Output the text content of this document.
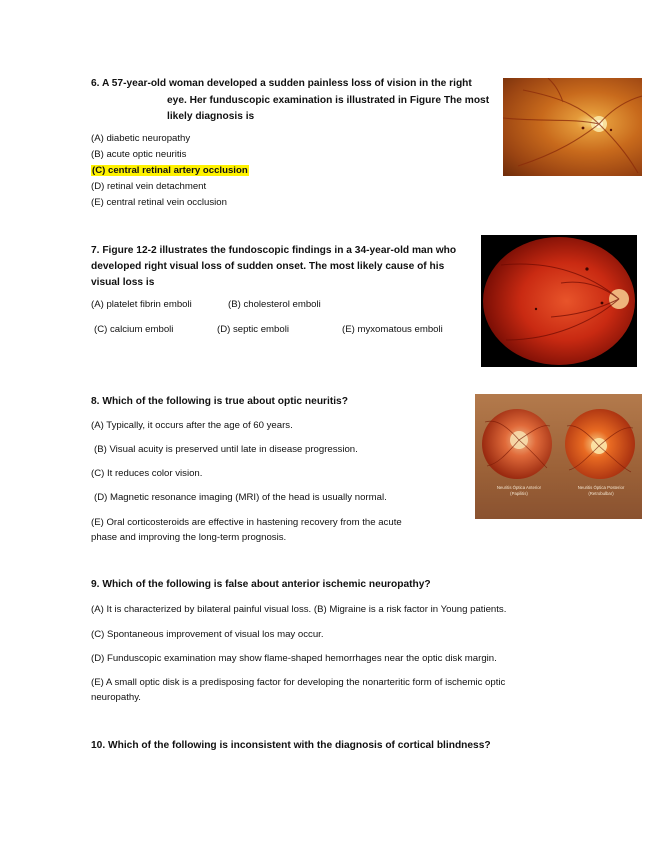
6. A 57-year-old woman developed a sudden painless loss of vision in the right
eye. Her funduscopic examination is illustrated in Figure The most
likely diagnosis is
(A) diabetic neuropathy
(B) acute optic neuritis
(C) central retinal artery occlusion
(D) retinal vein detachment
(E) central retinal vein occlusion
7. Figure 12-2 illustrates the fundoscopic findings in a 34-year-old man who
developed right visual loss of sudden onset. The most likely cause of his
visual loss is
(A) platelet fibrin emboli	(B) cholesterol emboli
(C) calcium emboli	(D) septic emboli	(E) myxomatous emboli
8. Which of the following is true about optic neuritis?
(A) Typically, it occurs after the age of 60 years.
(B) Visual acuity is preserved until late in disease progression.
(C) It reduces color vision.
(D) Magnetic resonance imaging (MRI) of the head is usually normal.
(E) Oral corticosteroids are effective in hastening recovery from the acute
phase and improving the long-term prognosis.
Neuritis Óptica Anterior
(Papilitis)
Neuritis Óptica Posterior
(Retrobulbar)
9. Which of the following is false about anterior ischemic neuropathy?
(A) It is characterized by bilateral painful visual loss. (B) Migraine is a risk factor in Young patients.
(C) Spontaneous improvement of visual los may occur.
(D) Funduscopic examination may show flame-shaped hemorrhages near the optic disk margin.
(E) A small optic disk is a predisposing factor for developing the nonarteritic form of ischemic optic
neuropathy.
10. Which of the following is inconsistent with the diagnosis of cortical blindness?
